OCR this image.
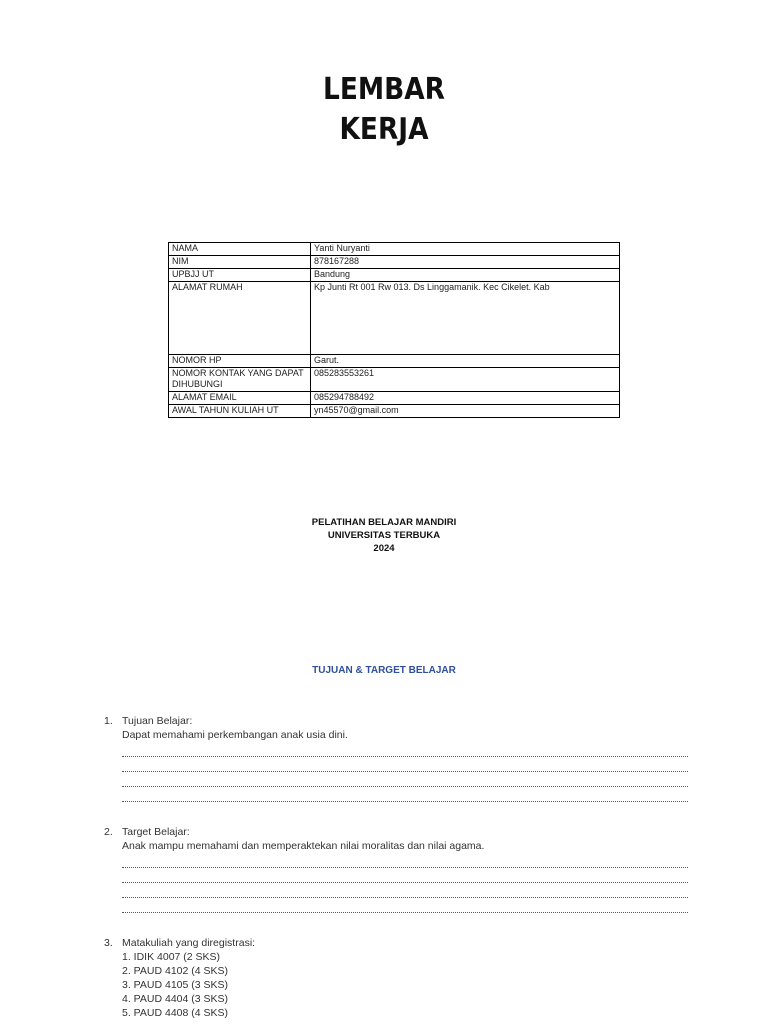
LEMBAR
KERJA
NAMA	Yanti Nuryanti
NIM	878167288
UPBJJ UT	Bandung
ALAMAT RUMAH	Kp Junti Rt 001 Rw 013. Ds Linggamanik. Kec Cikelet. Kab
NOMOR HP	Garut.
NOMOR KONTAK YANG DAPAT DIHUBUNGI	085283553261
ALAMAT EMAIL	085294788492
AWAL TAHUN KULIAH UT	yn45570@gmail.com
PELATIHAN BELAJAR MANDIRI
UNIVERSITAS TERBUKA
2024
TUJUAN & TARGET BELAJAR
1. Tujuan Belajar:
Dapat memahami perkembangan anak usia dini.
2. Target Belajar:
Anak mampu memahami dan memperaktekan nilai moralitas dan nilai agama.
3. Matakuliah yang diregistrasi:
1. IDIK 4007 (2 SKS)
2. PAUD 4102 (4 SKS)
3. PAUD 4105 (3 SKS)
4. PAUD 4404 (3 SKS)
5. PAUD 4408 (4 SKS)
